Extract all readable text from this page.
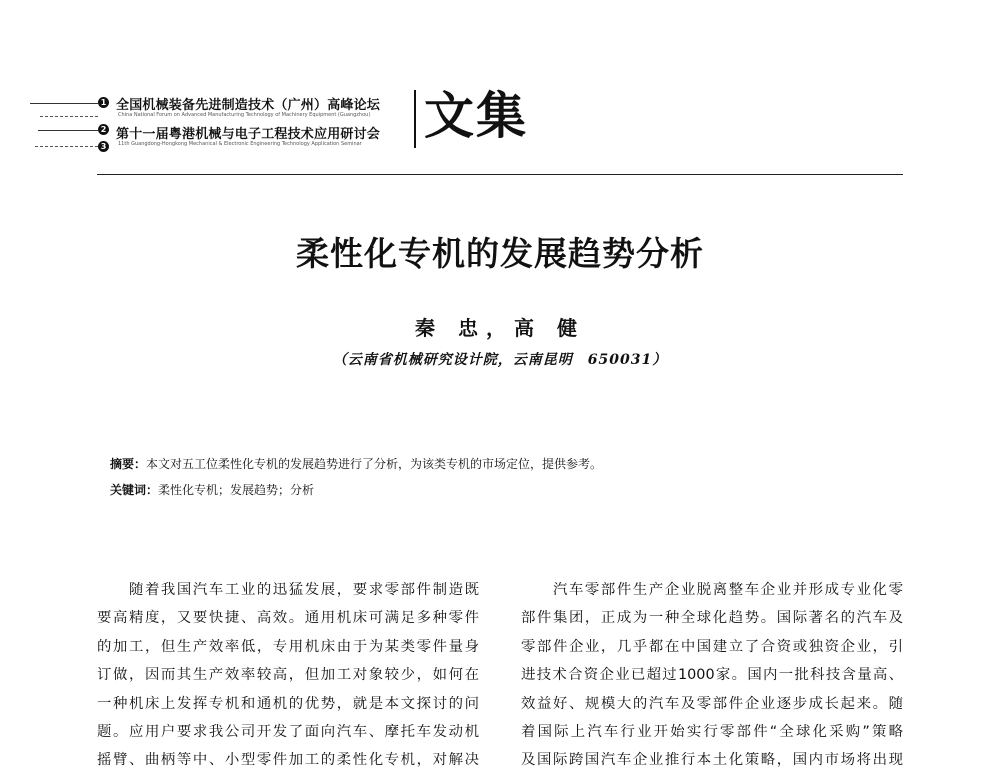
1
2
3
全国机械装备先进制造技术（广州）高峰论坛
China National Forum on Advanced Manufacturing Technology of Machinery Equipment (Guangzhou)
第十一届粤港机械与电子工程技术应用研讨会
11th Guangdong-Hongkong Mechanical & Electronic Engineering Technology Application Seminar 文集
柔性化专机的发展趋势分析
秦 忠，高 健
（云南省机械研究设计院，云南昆明　650031）
摘要：本文对五工位柔性化专机的发展趋势进行了分析，为该类专机的市场定位，提供参考。
关键词：柔性化专机；发展趋势；分析
　　随着我国汽车工业的迅猛发展，要求零部件制造既
要高精度，又要快捷、高效。通用机床可满足多种零件
的加工，但生产效率低，专用机床由于为某类零件量身
订做，因而其生产效率较高，但加工对象较少，如何在
一种机床上发挥专机和通机的优势，就是本文探讨的问
题。应用户要求我公司开发了面向汽车、摩托车发动机
摇臂、曲柄等中、小型零件加工的柔性化专机，对解决
　　汽车零部件生产企业脱离整车企业并形成专业化零
部件集团，正成为一种全球化趋势。国际著名的汽车及
零部件企业，几乎都在中国建立了合资或独资企业，引
进技术合资企业已超过1000家。国内一批科技含量高、
效益好、规模大的汽车及零部件企业逐步成长起来。随
着国际上汽车行业开始实行零部件“全球化采购”策略
及国际跨国汽车企业推行本土化策略，国内市场将出现
